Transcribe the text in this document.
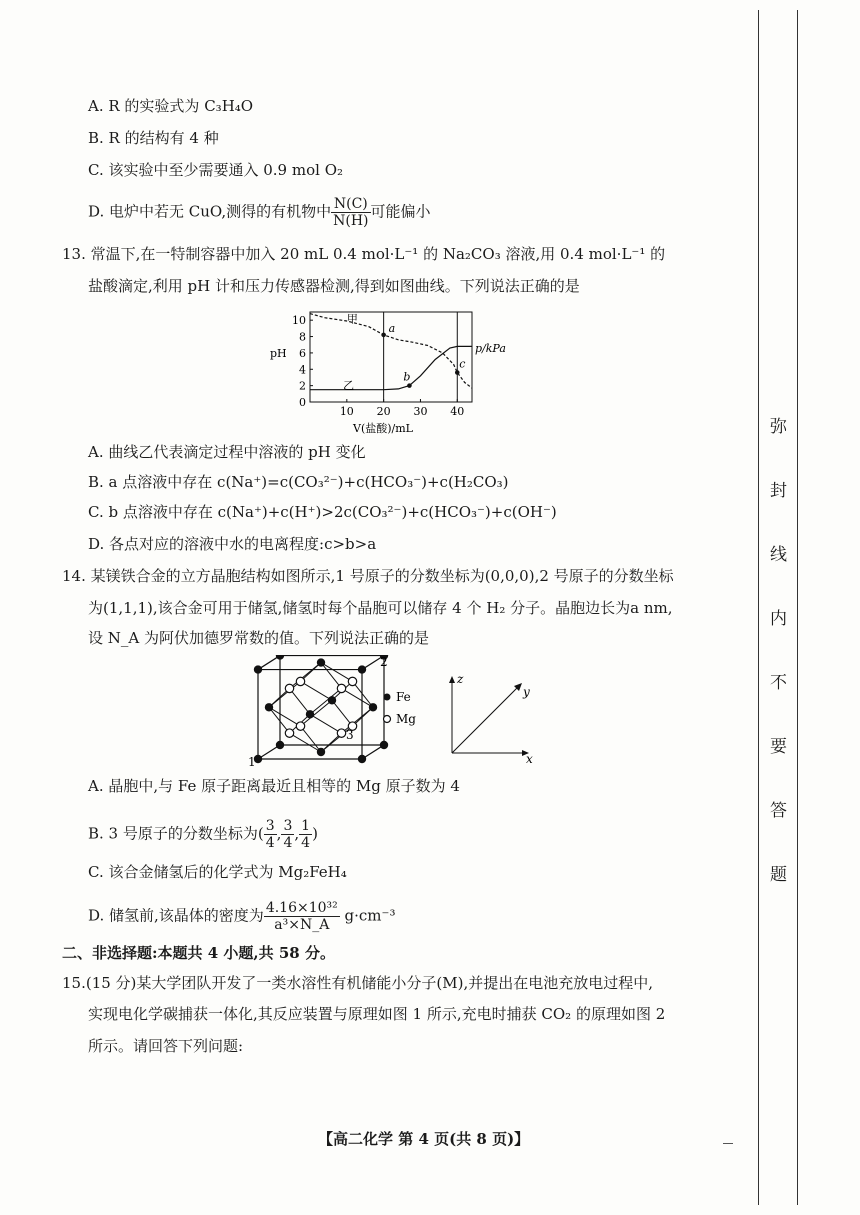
A. R 的实验式为 C₃H₄O
B. R 的结构有 4 种
C. 该实验中至少需要通入 0.9 mol O₂
D. 电炉中若无 CuO,测得的有机物中 $\frac{N(C)}{N(H)}$ 可能偏小
13. 常温下,在一特制容器中加入 20 mL 0.4 mol·L⁻¹ 的 Na₂CO₃ 溶液,用 0.4 mol·L⁻¹ 的
盐酸滴定,利用 pH 计和压力传感器检测,得到如图曲线。下列说法正确的是
0
2
4
6
8
10
10 20 30 40
pH	p/kPa
V(盐酸)/mL
甲
乙
a
b
c
A. 曲线乙代表滴定过程中溶液的 pH 变化
B. a 点溶液中存在 c(Na⁺)=c(CO₃²⁻)+c(HCO₃⁻)+c(H₂CO₃)
C. b 点溶液中存在 c(Na⁺)+c(H⁺)>2c(CO₃²⁻)+c(HCO₃⁻)+c(OH⁻)
D. 各点对应的溶液中水的电离程度:c>b>a
14. 某镁铁合金的立方晶胞结构如图所示,1 号原子的分数坐标为(0,0,0),2 号原子的分数坐标
为(1,1,1),该合金可用于储氢,储氢时每个晶胞可以储存 4 个 H₂ 分子。晶胞边长为a nm,
设 N_A 为阿伏加德罗常数的值。下列说法正确的是
Fe
Mg
1
2
3
z
y
x
A. 晶胞中,与 Fe 原子距离最近且相等的 Mg 原子数为 4
B. 3 号原子的分数坐标为( $\frac{3}{4}$ , $\frac{3}{4}$ , $\frac{1}{4}$ )
C. 该合金储氢后的化学式为 Mg₂FeH₄
D. 储氢前,该晶体的密度为 $\frac{\text{4.16×10³²}}{\text{a³×N\_A}} g\cdot cm^{-3}$
二、非选择题:本题共 4 小题,共 58 分。
15.(15 分)某大学团队开发了一类水溶性有机储能小分子(M),并提出在电池充放电过程中,
实现电化学碳捕获一体化,其反应装置与原理如图 1 所示,充电时捕获 CO₂ 的原理如图 2
所示。请回答下列问题:
【高二化学 第 4 页(共 8 页)】
弥
封
线
内
不
要
答
题
